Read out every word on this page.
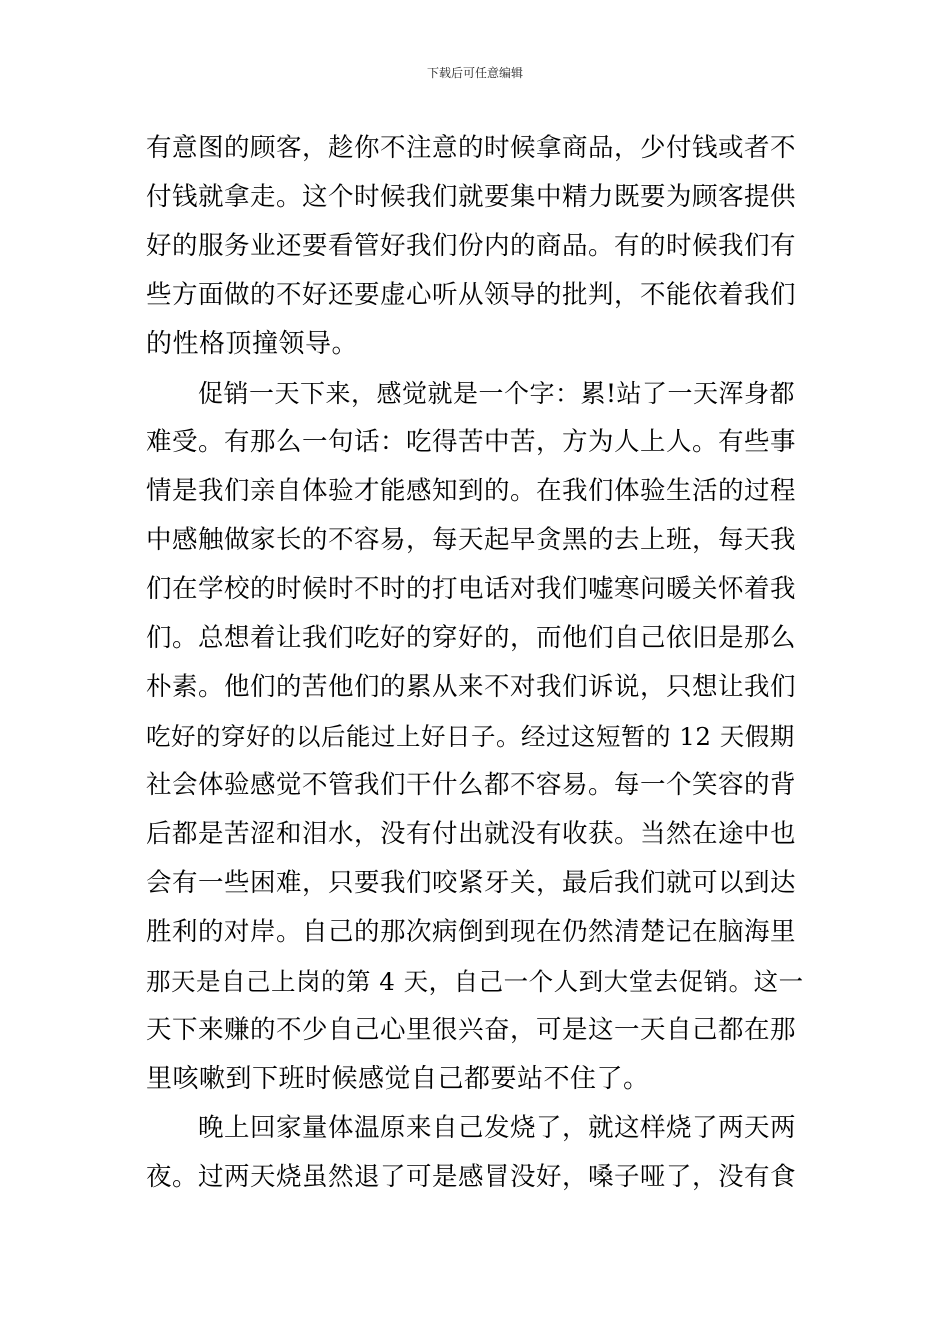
下载后可任意编辑
有意图的顾客，趁你不注意的时候拿商品，少付钱或者不
付钱就拿走。这个时候我们就要集中精力既要为顾客提供
好的服务业还要看管好我们份内的商品。有的时候我们有
些方面做的不好还要虚心听从领导的批判，不能依着我们
的性格顶撞领导。
促销一天下来，感觉就是一个字：累!站了一天浑身都
难受。有那么一句话：吃得苦中苦，方为人上人。有些事
情是我们亲自体验才能感知到的。在我们体验生活的过程
中感触做家长的不容易，每天起早贪黑的去上班，每天我
们在学校的时候时不时的打电话对我们嘘寒问暖关怀着我
们。总想着让我们吃好的穿好的，而他们自己依旧是那么
朴素。他们的苦他们的累从来不对我们诉说，只想让我们
吃好的穿好的以后能过上好日子。经过这短暂的 12 天假期
社会体验感觉不管我们干什么都不容易。每一个笑容的背
后都是苦涩和泪水，没有付出就没有收获。当然在途中也
会有一些困难，只要我们咬紧牙关，最后我们就可以到达
胜利的对岸。自己的那次病倒到现在仍然清楚记在脑海里
那天是自己上岗的第 4 天，自己一个人到大堂去促销。这一
天下来赚的不少自己心里很兴奋，可是这一天自己都在那
里咳嗽到下班时候感觉自己都要站不住了。
晚上回家量体温原来自己发烧了，就这样烧了两天两
夜。过两天烧虽然退了可是感冒没好，嗓子哑了，没有食
